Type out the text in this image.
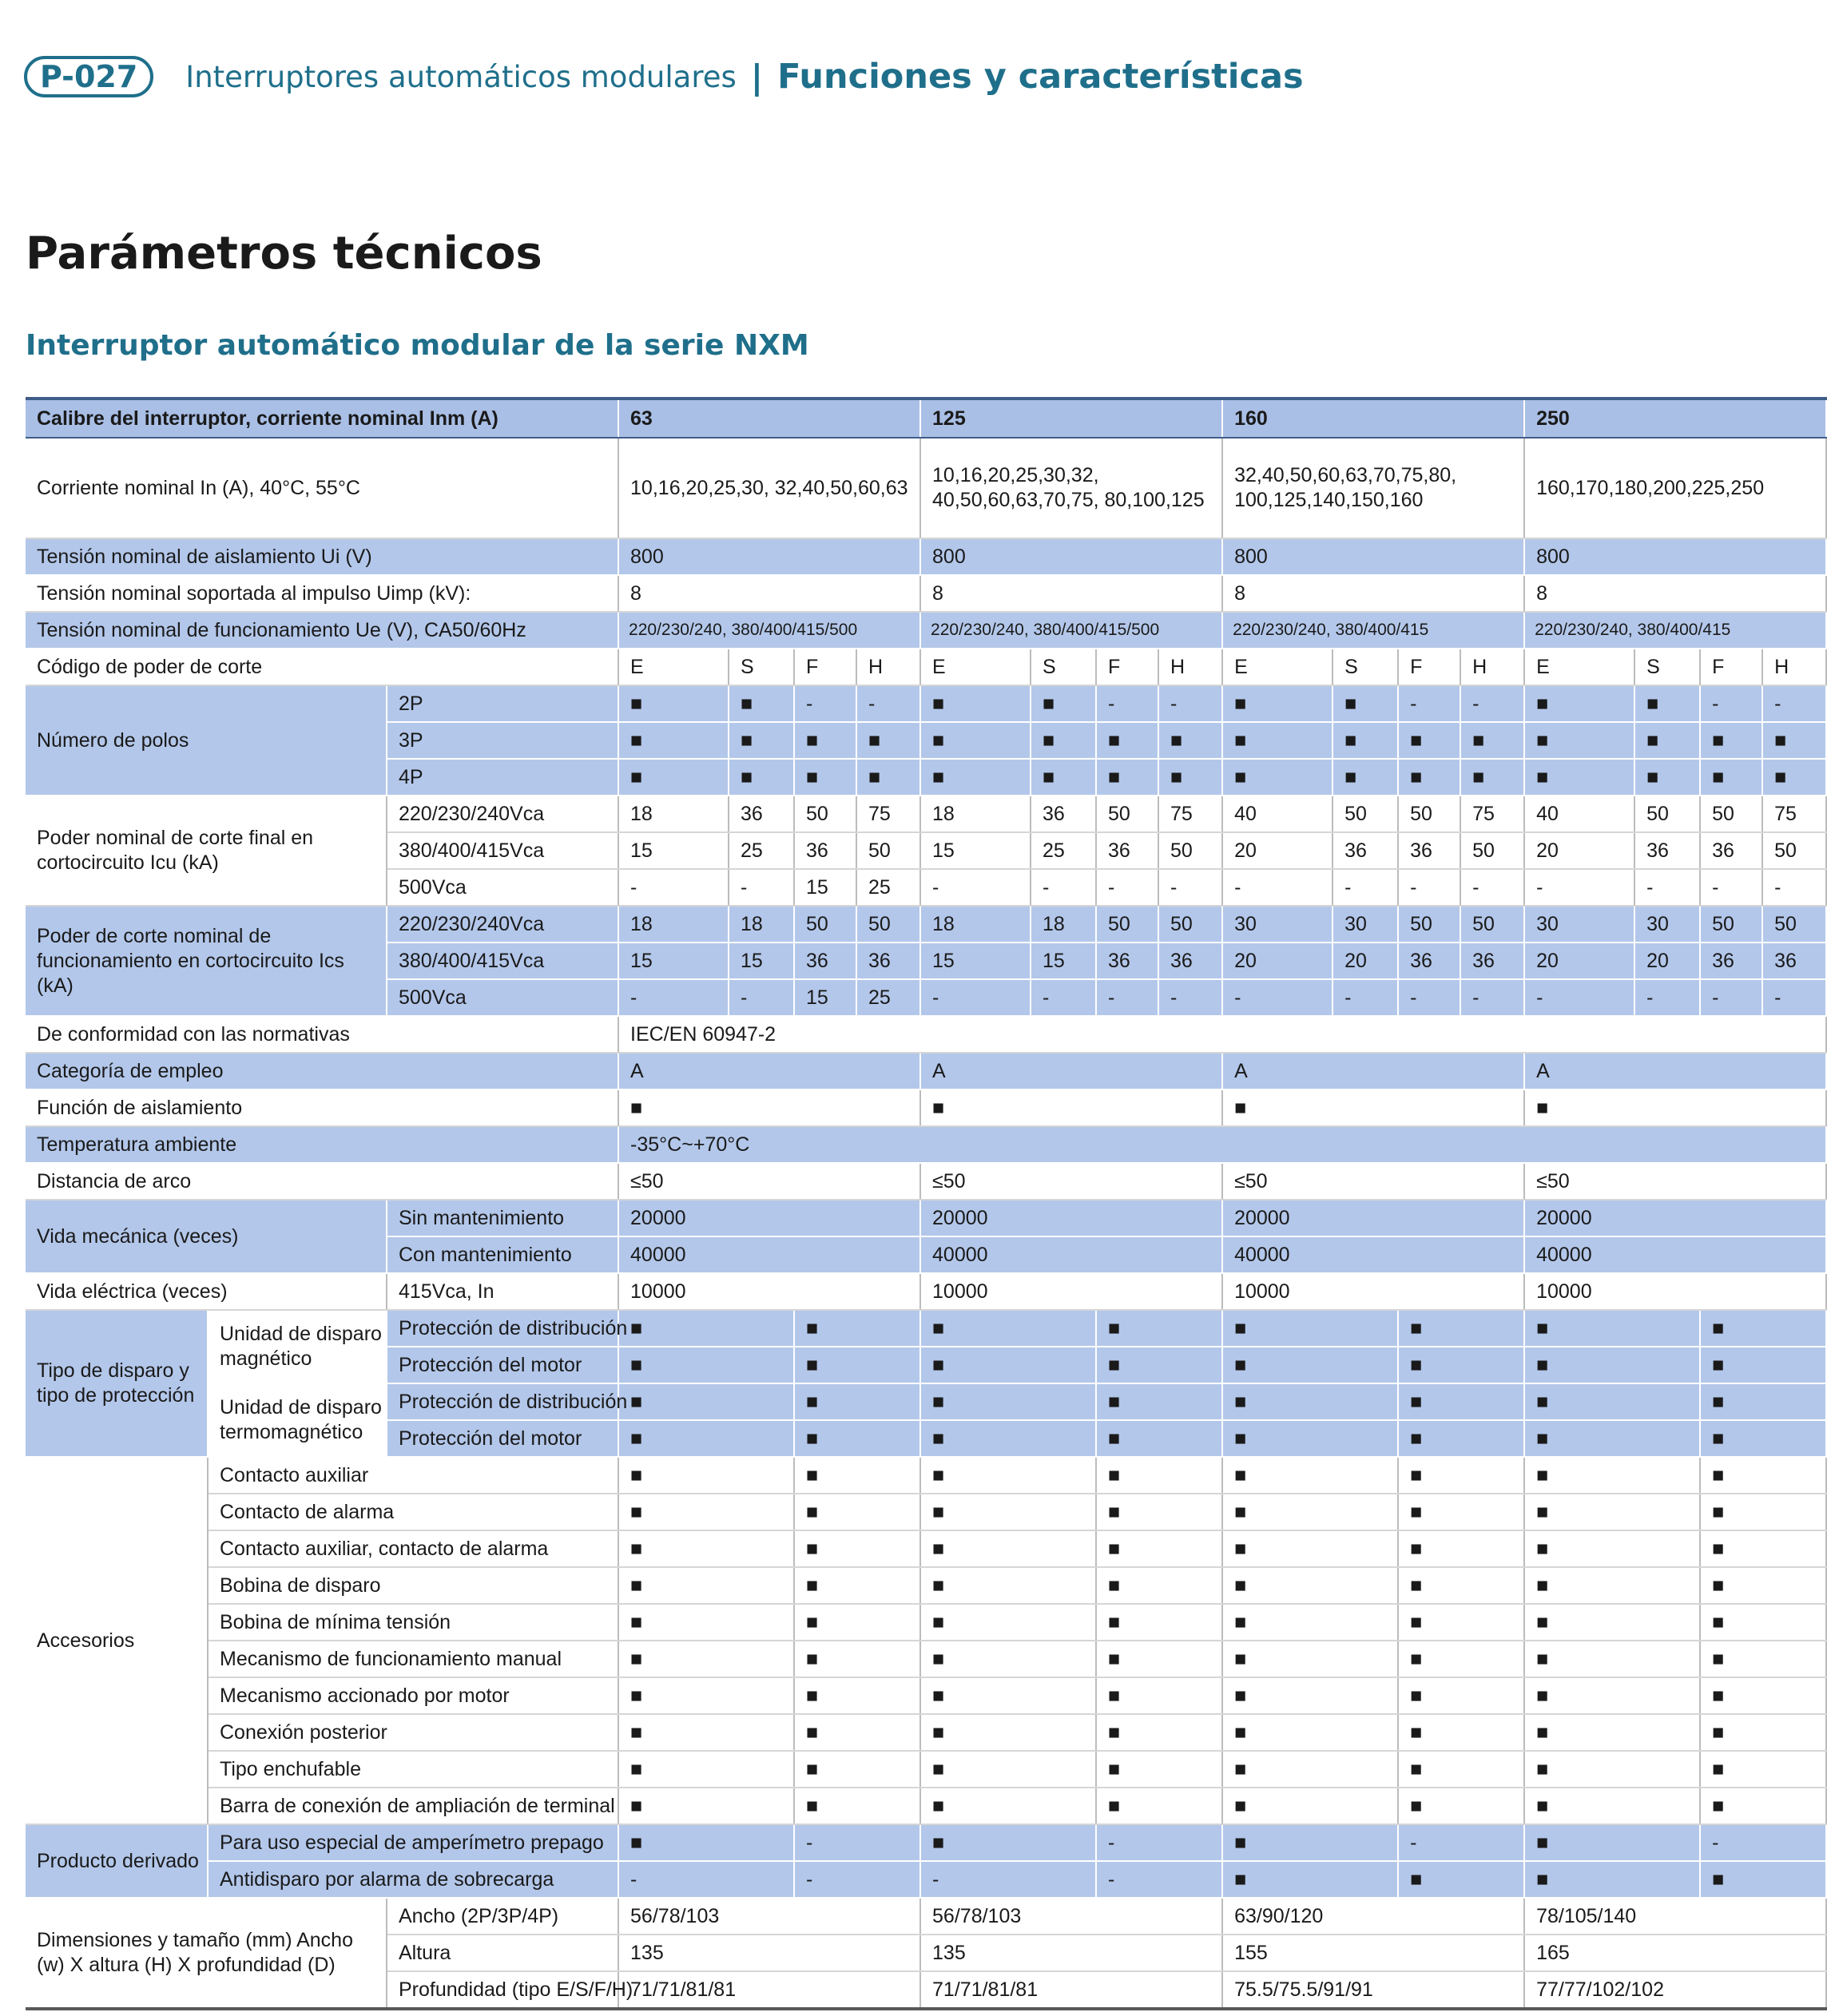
P-027	Interruptores automáticos modulares | Funciones y características
Parámetros técnicos
Interruptor automático modular de la serie NXM
Calibre del interruptor, corriente nominal Inm (A)			63				125				160				250			
Corriente nominal In (A), 40°C, 55°C			10,16,20,25,30, 32,40,50,60,63				10,16,20,25,30,32, 40,50,60,63,70,75, 80,100,125				32,40,50,60,63,70,75,80, 100,125,140,150,160				160,170,180,200,225,250			
Tensión nominal de aislamiento Ui (V)			800				800				800				800			
Tensión nominal soportada al impulso Uimp (kV):			8				8				8				8			
Tensión nominal de funcionamiento Ue (V), CA50/60Hz			220/230/240, 380/400/415/500				220/230/240, 380/400/415/500				220/230/240, 380/400/415				220/230/240, 380/400/415			
Código de poder de corte			E	S	F	H	E	S	F	H	E	S	F	H	E	S	F	H
Número de polos		2P	■	■	-	-	■	■	-	-	■	■	-	-	■	■	-	-
		3P	■	■	■	■	■	■	■	■	■	■	■	■	■	■	■	■
		4P	■	■	■	■	■	■	■	■	■	■	■	■	■	■	■	■
Poder nominal de corte final en cortocircuito Icu (kA)		220/230/240Vca	18	36	50	75	18	36	50	75	40	50	50	75	40	50	50	75
		380/400/415Vca	15	25	36	50	15	25	36	50	20	36	36	50	20	36	36	50
		500Vca	-	-	15	25	-	-	-	-	-	-	-	-	-	-	-	-
Poder de corte nominal de funcionamiento en cortocircuito Ics (kA)		220/230/240Vca	18	18	50	50	18	18	50	50	30	30	50	50	30	30	50	50
		380/400/415Vca	15	15	36	36	15	15	36	36	20	20	36	36	20	20	36	36
		500Vca	-	-	15	25	-	-	-	-	-	-	-	-	-	-	-	-
De conformidad con las normativas			IEC/EN 60947-2															
Categoría de empleo			A				A				A				A			
Función de aislamiento			■				■				■				■			
Temperatura ambiente			-35°C~+70°C															
Distancia de arco			≤50				≤50				≤50				≤50			
Vida mecánica (veces)		Sin mantenimiento	20000				20000				20000				20000			
		Con mantenimiento	40000				40000				40000				40000			
Vida eléctrica (veces)		415Vca, In	10000				10000				10000				10000			
Tipo de disparo y tipo de protección	Unidad de disparo magnético	Protección de distribución	■		■		■		■		■		■		■		■	
		Protección del motor	■		■		■		■		■		■		■		■	
	Unidad de disparo termomagnético	Protección de distribución	■		■		■		■		■		■		■		■	
		Protección del motor	■		■		■		■		■		■		■		■	
Accesorios	Contacto auxiliar		■		■		■		■		■		■		■		■	
	Contacto de alarma		■		■		■		■		■		■		■		■	
	Contacto auxiliar, contacto de alarma		■		■		■		■		■		■		■		■	
	Bobina de disparo		■		■		■		■		■		■		■		■	
	Bobina de mínima tensión		■		■		■		■		■		■		■		■	
	Mecanismo de funcionamiento manual		■		■		■		■		■		■		■		■	
	Mecanismo accionado por motor		■		■		■		■		■		■		■		■	
	Conexión posterior		■		■		■		■		■		■		■		■	
	Tipo enchufable		■		■		■		■		■		■		■		■	
	Barra de conexión de ampliación de terminal		■		■		■		■		■		■		■		■	
Producto derivado	Para uso especial de amperímetro prepago		■		-		■		-		■		-		■		-	
	Antidisparo por alarma de sobrecarga		-		-		-		-		■		■		■		■	
Dimensiones y tamaño (mm) Ancho (w) X altura (H) X profundidad (D)		Ancho (2P/3P/4P)	56/78/103				56/78/103				63/90/120				78/105/140			
		Altura	135				135				155				165			
		Profundidad (tipo E/S/F/H)	71/71/81/81				71/71/81/81				75.5/75.5/91/91				77/77/102/102			
